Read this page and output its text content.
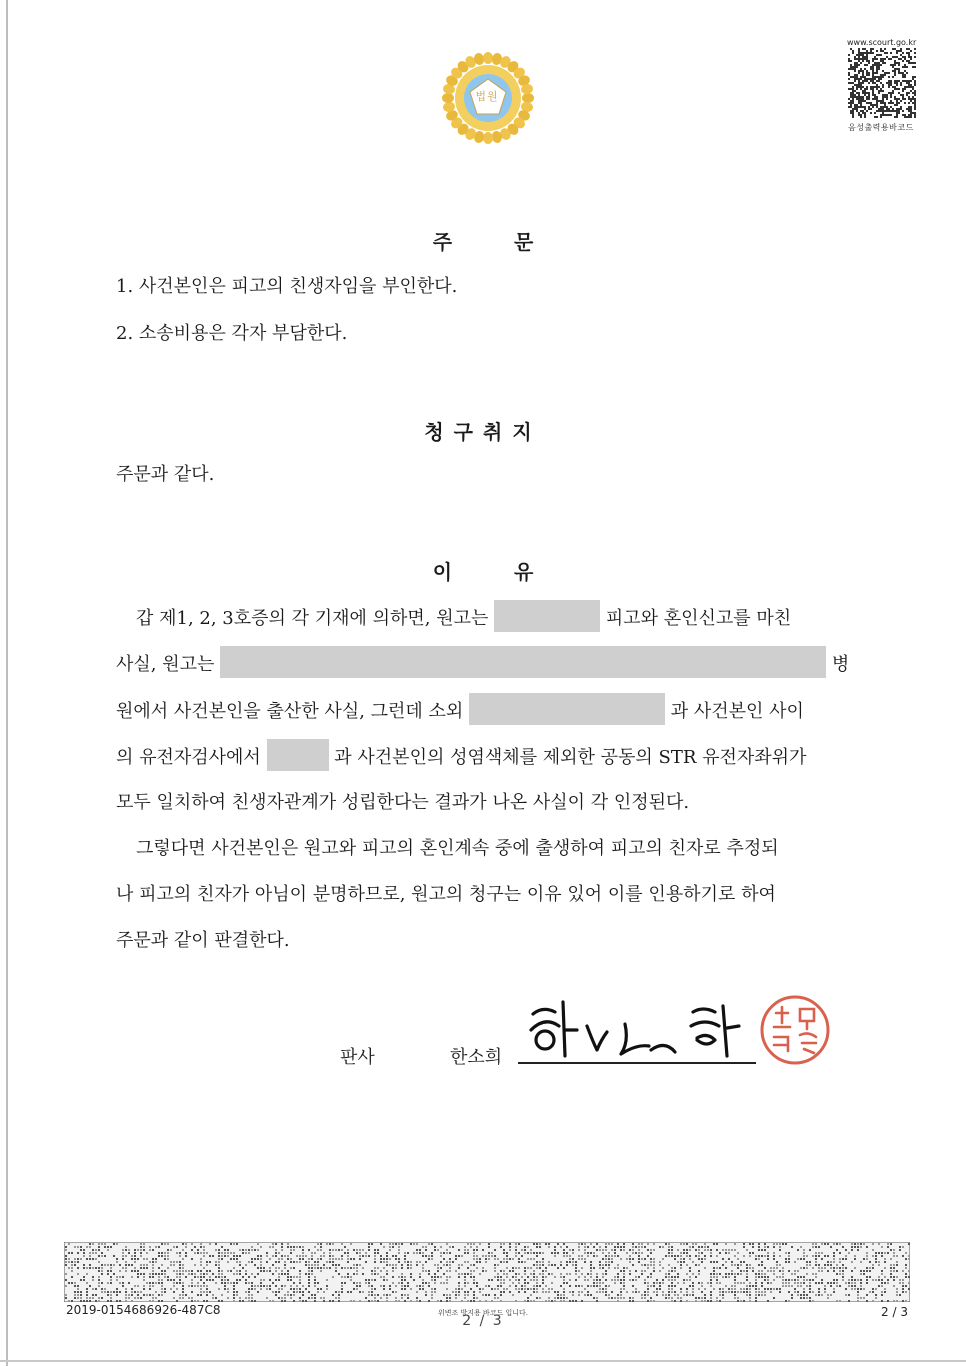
법원
www.scourt.go.kr
음성출력용바코드
주 문
1. 사건본인은 피고의 친생자임을 부인한다.
2. 소송비용은 각자 부담한다.
청구취지
주문과 같다.
이 유
갑 제1, 2, 3호증의 각 기재에 의하면, 원고는	피고와 혼인신고를 마친
사실, 원고는	병
원에서 사건본인을 출산한 사실, 그런데 소외	과 사건본인 사이
의 유전자검사에서	과 사건본인의 성염색체를 제외한 공동의 STR 유전자좌위가
모두 일치하여 친생자관계가 성립한다는 결과가 나온 사실이 각 인정된다.
그렇다면 사건본인은 원고와 피고의 혼인계속 중에 출생하여 피고의 친자로 추정되
나 피고의 친자가 아님이 분명하므로, 원고의 청구는 이유 있어 이를 인용하기로 하여
주문과 같이 판결한다.
판사	한소희
2019-0154686926-487C8	위변조 방지용 바코드 입니다.
2 / 3
2 / 3
